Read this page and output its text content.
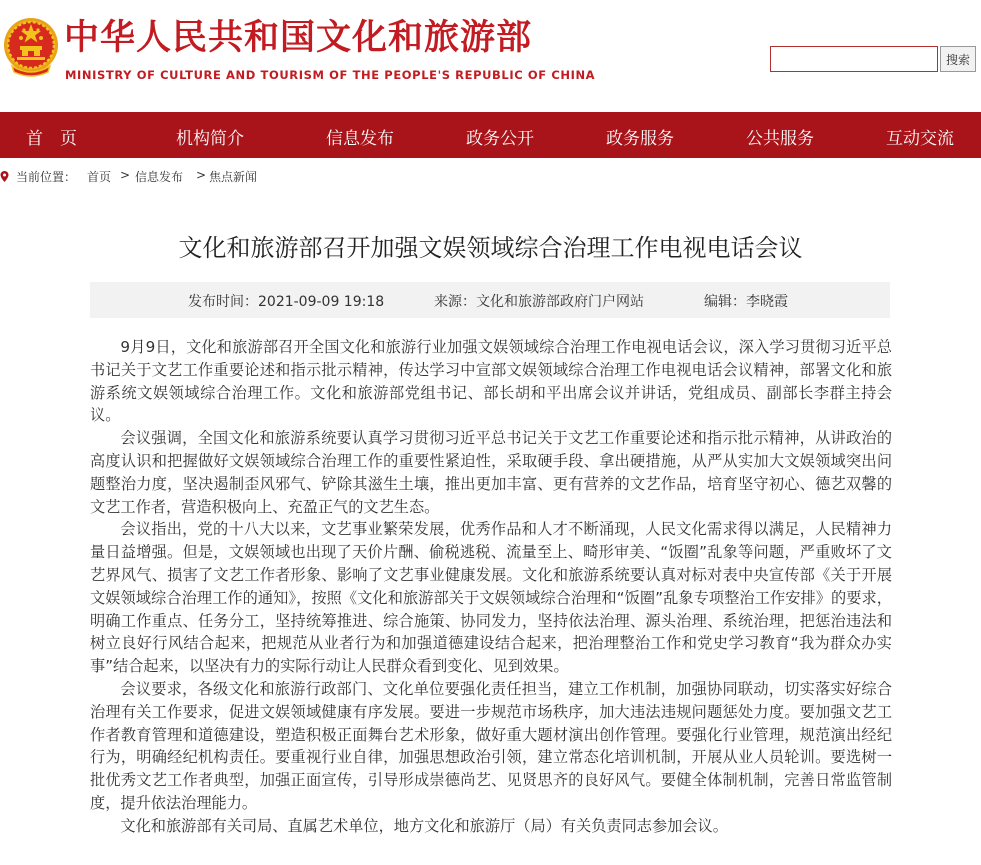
中华人民共和国文化和旅游部
MINISTRY OF CULTURE AND TOURISM OF THE PEOPLE'S REPUBLIC OF CHINA
搜索
首　页	机构简介	信息发布	政务公开	政务服务	公共服务	互动交流
当前位置： 首页 > 信息发布 > 焦点新闻
文化和旅游部召开加强文娱领域综合治理工作电视电话会议
发布时间：2021-09-09 19:18	来源：文化和旅游部政府门户网站	编辑：李晓霞

9月9日，文化和旅游部召开全国文化和旅游行业加强文娱领域综合治理工作电视电话会议，深入学习贯彻习近平总书记关于文艺工作重要论述和指示批示精神，传达学习中宣部文娱领域综合治理工作电视电话会议精神，部署文化和旅游系统文娱领域综合治理工作。文化和旅游部党组书记、部长胡和平出席会议并讲话，党组成员、副部长李群主持会议。

会议强调，全国文化和旅游系统要认真学习贯彻习近平总书记关于文艺工作重要论述和指示批示精神，从讲政治的高度认识和把握做好文娱领域综合治理工作的重要性紧迫性，采取硬手段、拿出硬措施，从严从实加大文娱领域突出问题整治力度，坚决遏制歪风邪气、铲除其滋生土壤，推出更加丰富、更有营养的文艺作品，培育坚守初心、德艺双馨的文艺工作者，营造积极向上、充盈正气的文艺生态。

会议指出，党的十八大以来，文艺事业繁荣发展，优秀作品和人才不断涌现，人民文化需求得以满足，人民精神力量日益增强。但是，文娱领域也出现了天价片酬、偷税逃税、流量至上、畸形审美、“饭圈”乱象等问题，严重败坏了文艺界风气、损害了文艺工作者形象、影响了文艺事业健康发展。文化和旅游系统要认真对标对表中央宣传部《关于开展文娱领域综合治理工作的通知》，按照《文化和旅游部关于文娱领域综合治理和“饭圈”乱象专项整治工作安排》的要求，明确工作重点、任务分工，坚持统筹推进、综合施策、协同发力，坚持依法治理、源头治理、系统治理，把惩治违法和树立良好行风结合起来，把规范从业者行为和加强道德建设结合起来，把治理整治工作和党史学习教育“我为群众办实事”结合起来，以坚决有力的实际行动让人民群众看到变化、见到效果。

会议要求，各级文化和旅游行政部门、文化单位要强化责任担当，建立工作机制，加强协同联动，切实落实好综合治理有关工作要求，促进文娱领域健康有序发展。要进一步规范市场秩序，加大违法违规问题惩处力度。要加强文艺工作者教育管理和道德建设，塑造积极正面舞台艺术形象，做好重大题材演出创作管理。要强化行业管理，规范演出经纪行为，明确经纪机构责任。要重视行业自律，加强思想政治引领，建立常态化培训机制，开展从业人员轮训。要选树一批优秀文艺工作者典型，加强正面宣传，引导形成崇德尚艺、见贤思齐的良好风气。要健全体制机制，完善日常监管制度，提升依法治理能力。

文化和旅游部有关司局、直属艺术单位，地方文化和旅游厅（局）有关负责同志参加会议。
